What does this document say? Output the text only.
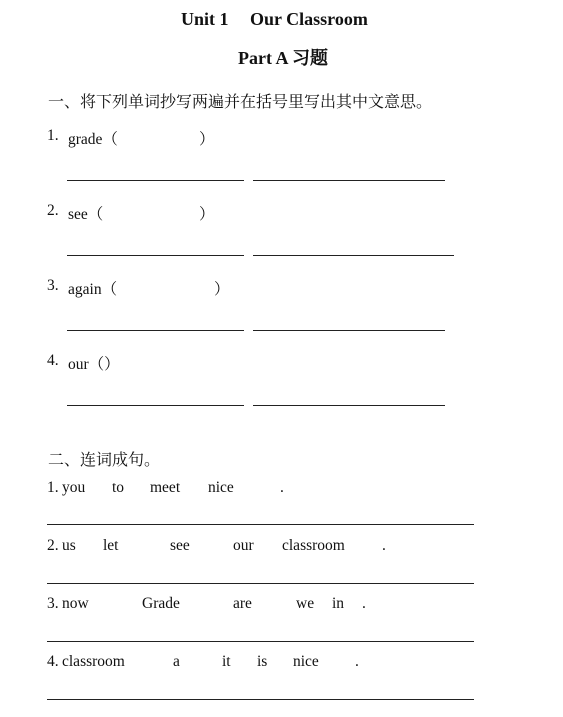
Unit 1 Our Classroom
Part A 习题
一、将下列单词抄写两遍并在括号里写出其中文意思。
1. grade（	）
2. see（	）
3. again（	）
4. our（）
二、连词成句。
1. you to meet nice	.
2. us let	see	our classroom .
3. now	Grade	are	we in .
4. classroom	a	it is nice .
